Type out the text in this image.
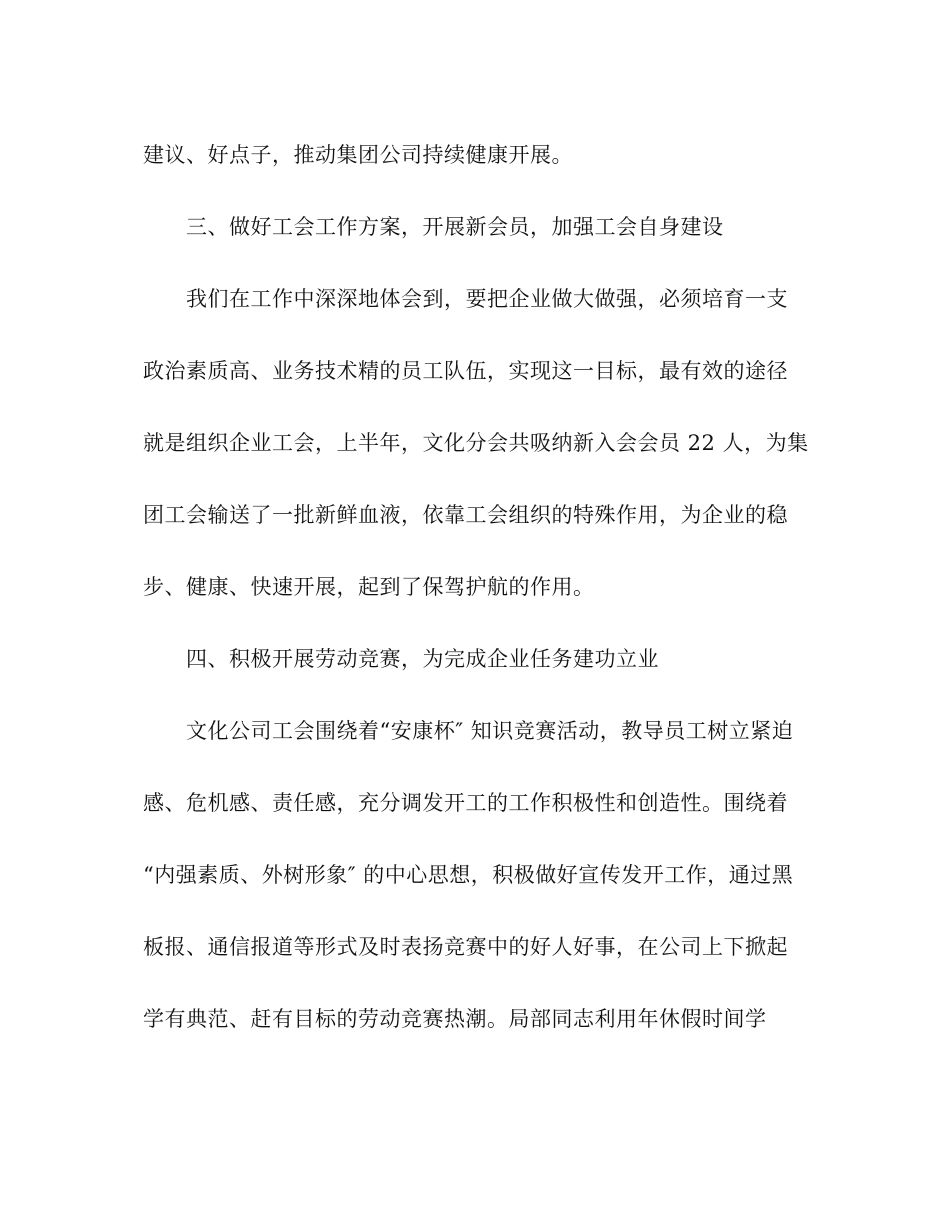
建议、好点子，推动集团公司持续健康开展。
三、做好工会工作方案，开展新会员，加强工会自身建设
我们在工作中深深地体会到，要把企业做大做强，必须培育一支
政治素质高、业务技术精的员工队伍，实现这一目标，最有效的途径
就是组织企业工会，上半年，文化分会共吸纳新入会会员 22 人，为集
团工会输送了一批新鲜血液，依靠工会组织的特殊作用，为企业的稳
步、健康、快速开展，起到了保驾护航的作用。
四、积极开展劳动竞赛，为完成企业任务建功立业
文化公司工会围绕着“安康杯″ 知识竞赛活动，教导员工树立紧迫
感、危机感、责任感，充分调发开工的工作积极性和创造性。围绕着
“内强素质、外树形象″ 的中心思想，积极做好宣传发开工作，通过黑
板报、通信报道等形式及时表扬竞赛中的好人好事，在公司上下掀起
学有典范、赶有目标的劳动竞赛热潮。局部同志利用年休假时间学
